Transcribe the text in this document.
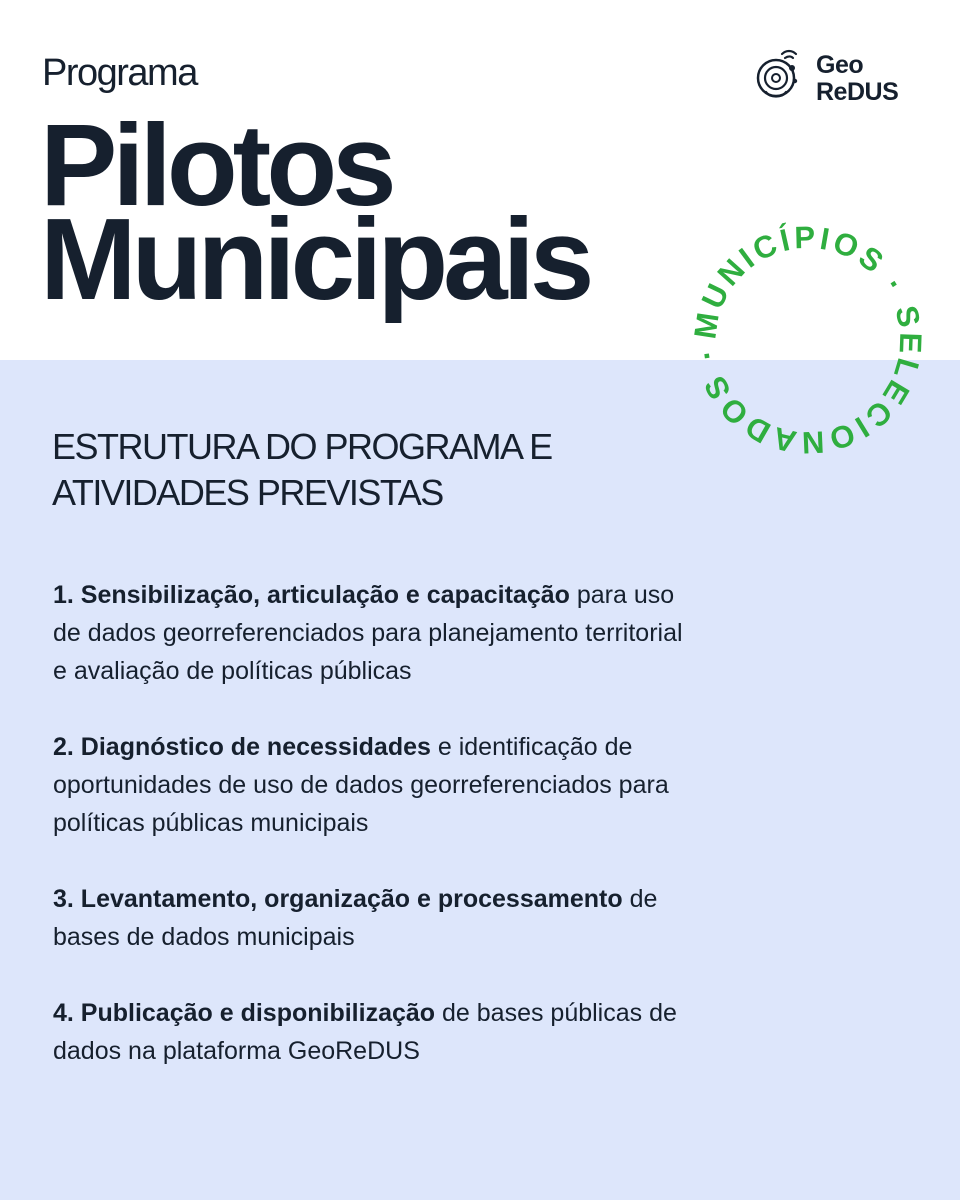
Programa
Pilotos
Municipais
Geo
ReDUS
MUNICÍPIOS · SELECIONADOS ·
ESTRUTURA DO PROGRAMA E
ATIVIDADES PREVISTAS
1. Sensibilização, articulação e capacitação para uso de dados georreferenciados para planejamento territorial e avaliação de políticas públicas
2. Diagnóstico de necessidades e identificação de oportunidades de uso de dados georreferenciados para políticas públicas municipais
3. Levantamento, organização e processamento de bases de dados municipais
4. Publicação e disponibilização de bases públicas de dados na plataforma GeoReDUS
